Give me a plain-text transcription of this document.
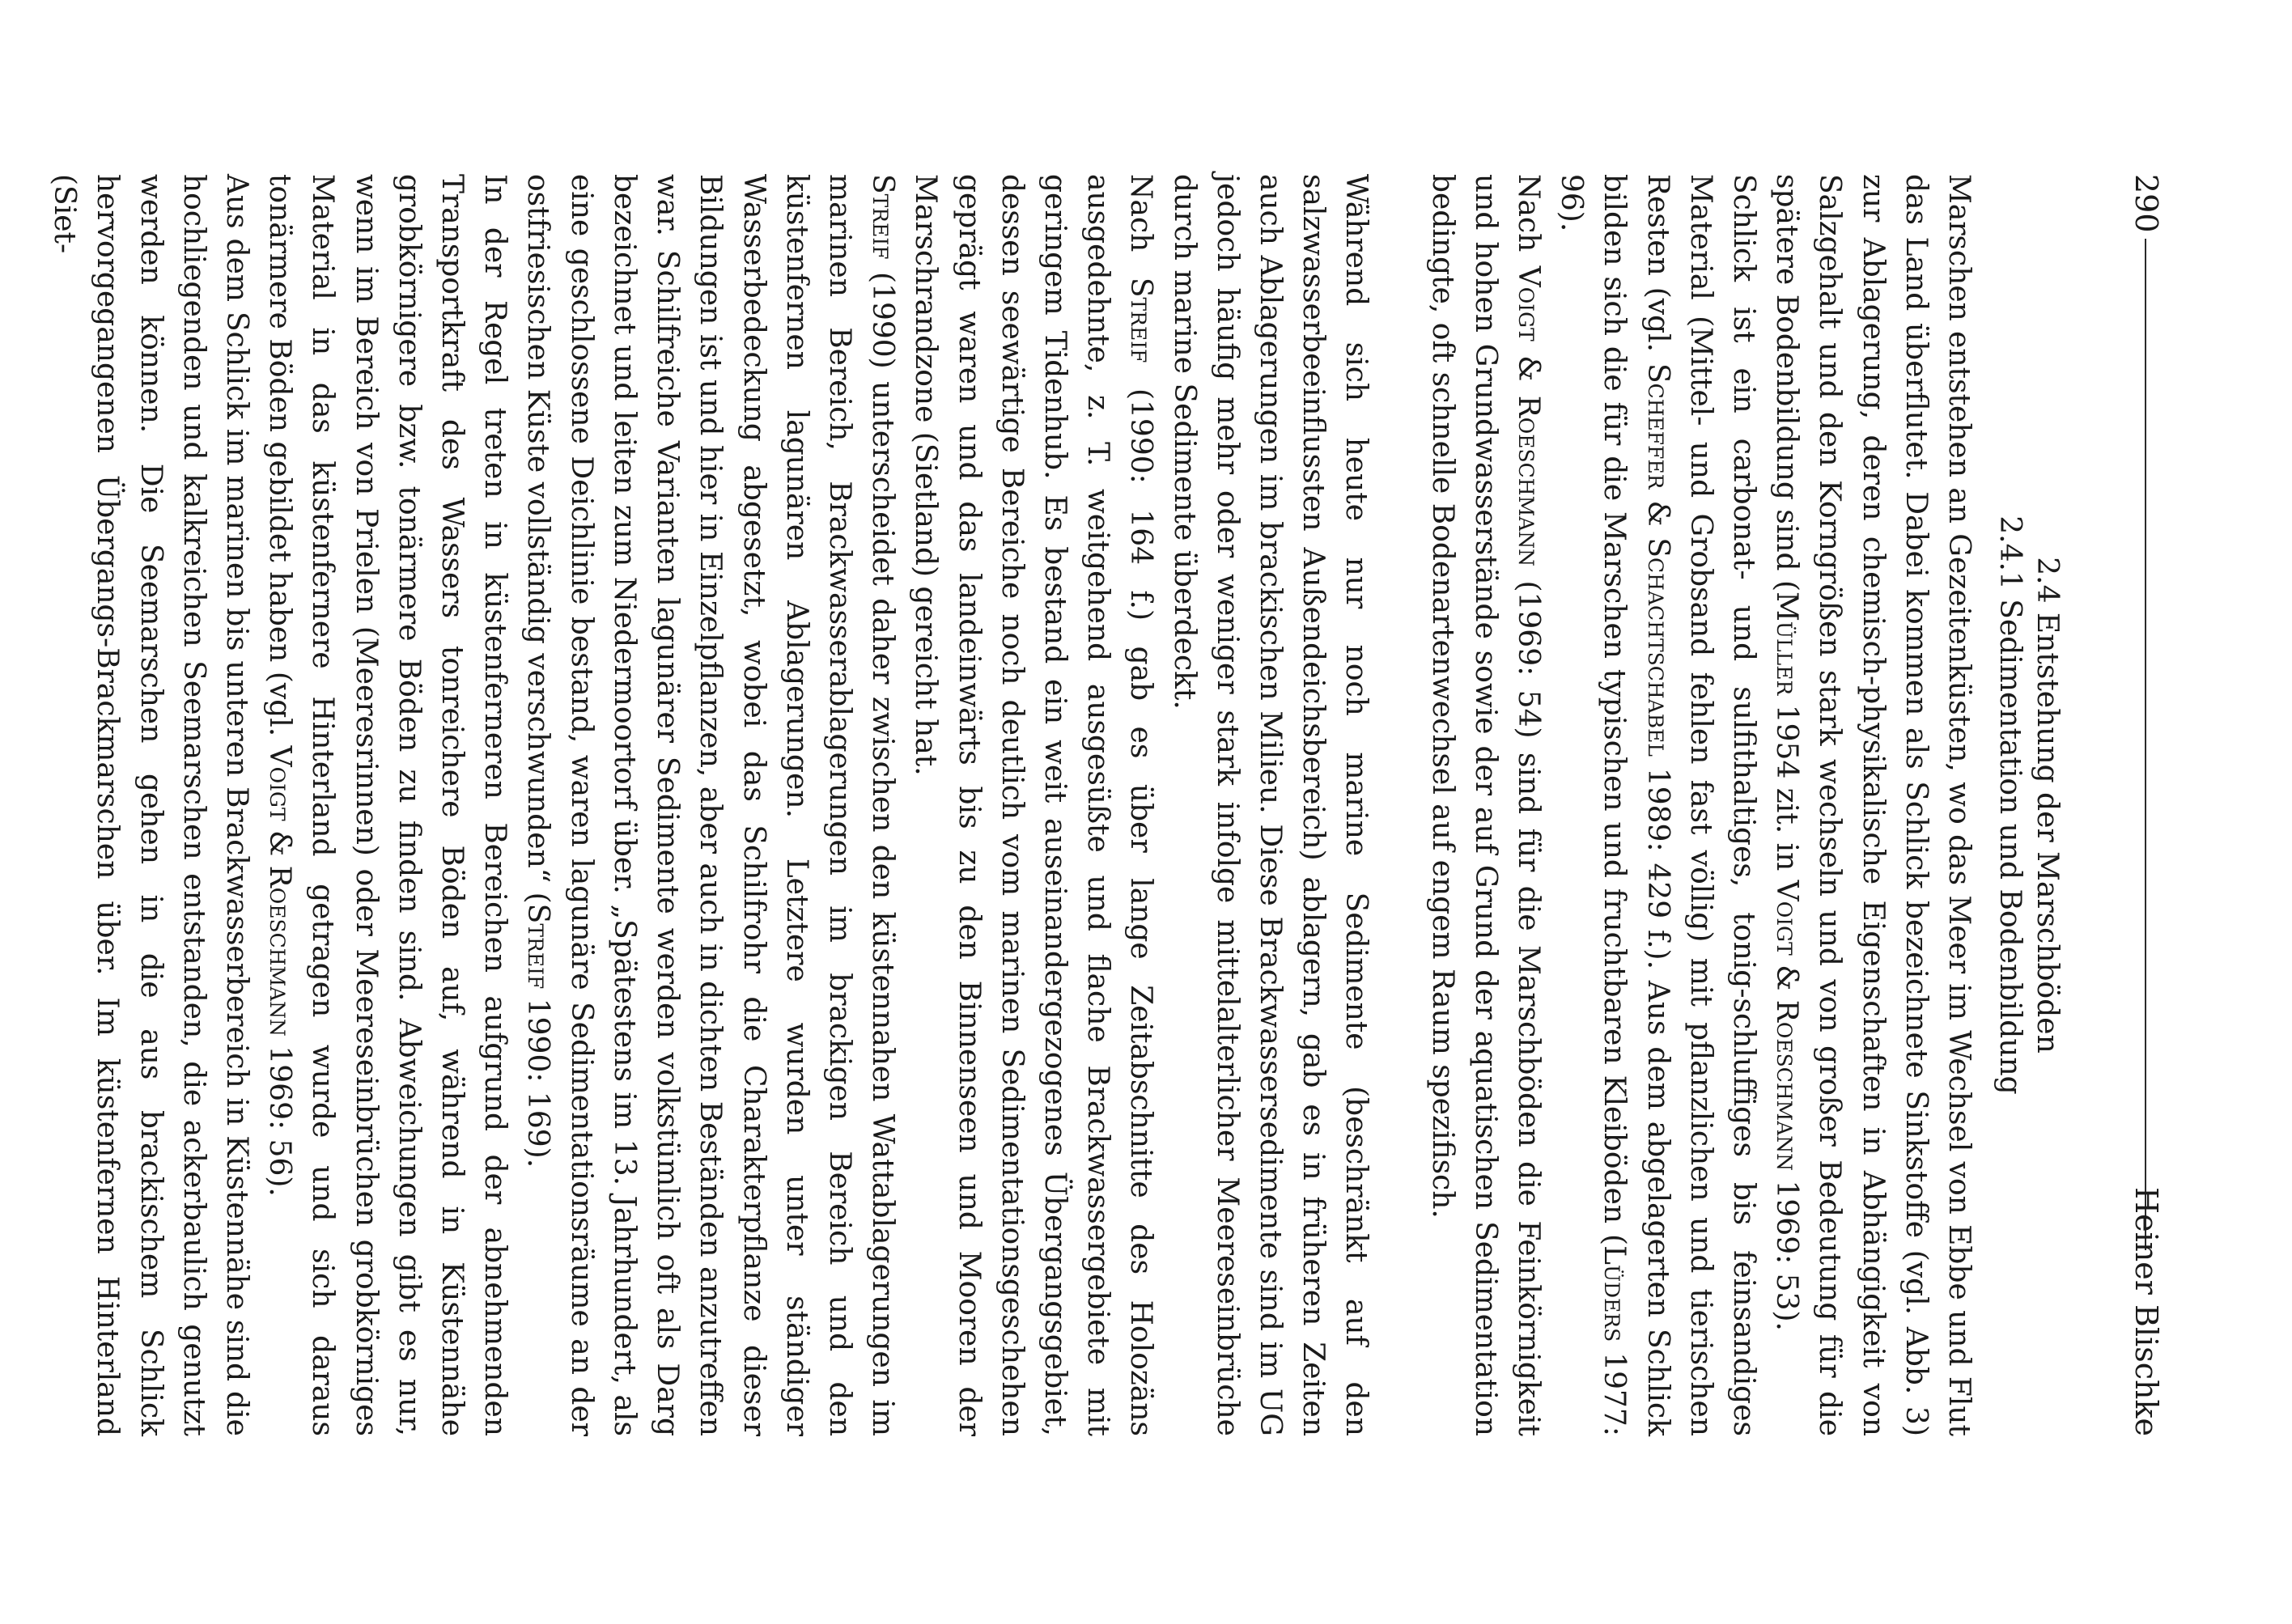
290
Heiner Blischke
2.4 Entstehung der Marschböden
2.4.1 Sedimentation und Bodenbildung

Marschen entstehen an Gezeitenküsten, wo das Meer im Wechsel von Ebbe und Flut das Land überflutet. Dabei kommen als Schlick bezeichnete Sinkstoffe (vgl. Abb. 3) zur Ablagerung, deren chemisch-physikalische Eigenschaften in Abhängigkeit von Salzgehalt und den Korngrößen stark wechseln und von großer Bedeutung für die spätere Bodenbildung sind (Müller 1954 zit. in Voigt & Roeschmann 1969: 53).

Schlick ist ein carbonat- und sulfithaltiges, tonig-schluffiges bis feinsandiges Material (Mittel- und Grobsand fehlen fast völlig) mit pflanzlichen und tierischen Resten (vgl. Scheffer & Schachtschabel 1989: 429 f.). Aus dem abgelagerten Schlick bilden sich die für die Marschen typischen und fruchtbaren Kleiböden (Lüders 1977: 96).

Nach Voigt & Roeschmann (1969: 54) sind für die Marschböden die Feinkörnigkeit und hohen Grundwasserstände sowie der auf Grund der aquatischen Sedimentation bedingte, oft schnelle Bodenartenwechsel auf engem Raum spezifisch.

Während sich heute nur noch marine Sedimente (beschränkt auf den salzwasserbeeinflussten Außendeichsbereich) ablagern, gab es in früheren Zeiten auch Ablagerungen im brackischen Milieu. Diese Brackwassersedimente sind im UG jedoch häufig mehr oder weniger stark infolge mittelalterlicher Meereseinbrüche durch marine Sedimente überdeckt.

Nach Streif (1990: 164 f.) gab es über lange Zeitabschnitte des Holozäns ausgedehnte, z. T. weitgehend ausgesüßte und flache Brackwassergebiete mit geringem Tidenhub. Es bestand ein weit auseinandergezogenes Übergangsgebiet, dessen seewärtige Bereiche noch deutlich vom marinen Sedimentationsgeschehen geprägt waren und das landeinwärts bis zu den Binnenseen und Mooren der Marschrandzone (Sietland) gereicht hat.

Streif (1990) unterscheidet daher zwischen den küstennahen Wattablagerungen im marinen Bereich, Brackwasserablagerungen im brackigen Bereich und den küstenfernen lagunären Ablagerungen. Letztere wurden unter ständiger Wasserbedeckung abgesetzt, wobei das Schilfrohr die Charakterpflanze dieser Bildungen ist und hier in Einzelpflanzen, aber auch in dichten Beständen anzutreffen war. Schilfreiche Varianten lagunärer Sedimente werden volkstümlich oft als Darg bezeichnet und leiten zum Niedermoortorf über. „Spätestens im 13. Jahrhundert, als eine geschlossene Deichlinie bestand, waren lagunäre Sedimentationsräume an der ostfriesischen Küste vollständig verschwunden“ (Streif 1990: 169).

In der Regel treten in küstenferneren Bereichen aufgrund der abnehmenden Transportkraft des Wassers tonreichere Böden auf, während in Küstennähe grobkörnigere bzw. tonärmere Böden zu finden sind. Abweichungen gibt es nur, wenn im Bereich von Prielen (Meeresrinnen) oder Meereseinbrüchen grobkörniges Material in das küstenfernere Hinterland getragen wurde und sich daraus tonärmere Böden gebildet haben (vgl. Voigt & Roeschmann 1969: 56).

Aus dem Schlick im marinen bis unteren Brackwasserbereich in Küstennähe sind die hochliegenden und kalkreichen Seemarschen entstanden, die ackerbaulich genutzt werden können. Die Seemarschen gehen in die aus brackischem Schlick hervorgegangenen Übergangs-Brackmarschen über. Im küstenfernen Hinterland (Siet-
